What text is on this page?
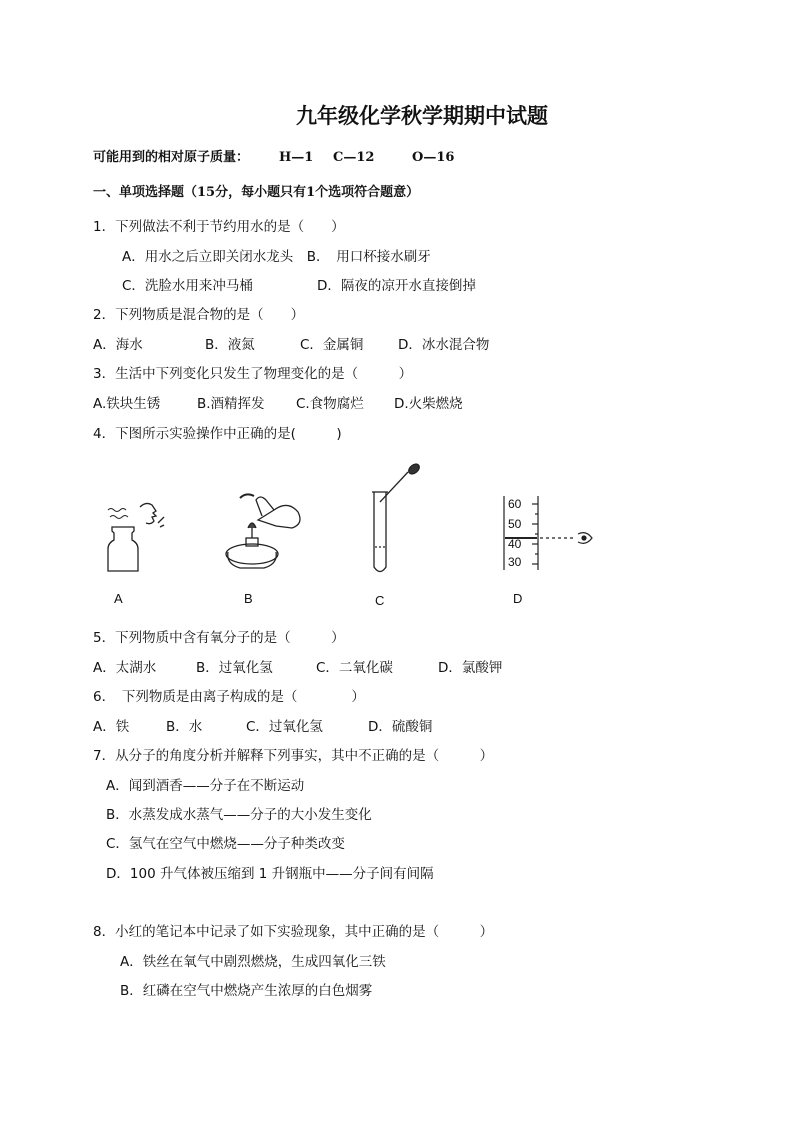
九年级化学秋学期期中试题
可能用到的相对原子质量： H—1 C—12	O—16
一、单项选择题（15分，每小题只有1个选项符合题意）
1．下列做法不利于节约用水的是（　　）
A．用水之后立即关闭水龙头　B．　用口杯接水刷牙
C．洗脸水用来冲马桶	D．隔夜的凉开水直接倒掉
2．下列物质是混合物的是（　　）
A．海水	B．液氮	C．金属铜	D．冰水混合物
3．生活中下列变化只发生了物理变化的是（　　　）
A.铁块生锈	B.酒精挥发 C.食物腐烂 D.火柴燃烧
4．下图所示实验操作中正确的是(　　　)
60
50
40
30
A	B	C	D
5．下列物质中含有氧分子的是（　　　）
A．太湖水	B．过氧化氢	C．二氧化碳	D．氯酸钾
6．　下列物质是由离子构成的是（　　　　）
A．铁	B．水	C．过氧化氢	D．硫酸铜
7．从分子的角度分析并解释下列事实，其中不正确的是（　　　）
A．闻到酒香——分子在不断运动
B．水蒸发成水蒸气——分子的大小发生变化
C．氢气在空气中燃烧——分子种类改变
D．100 升气体被压缩到 1 升钢瓶中——分子间有间隔
8．小红的笔记本中记录了如下实验现象，其中正确的是（　　　）
A．铁丝在氧气中剧烈燃烧，生成四氧化三铁
B．红磷在空气中燃烧产生浓厚的白色烟雾
